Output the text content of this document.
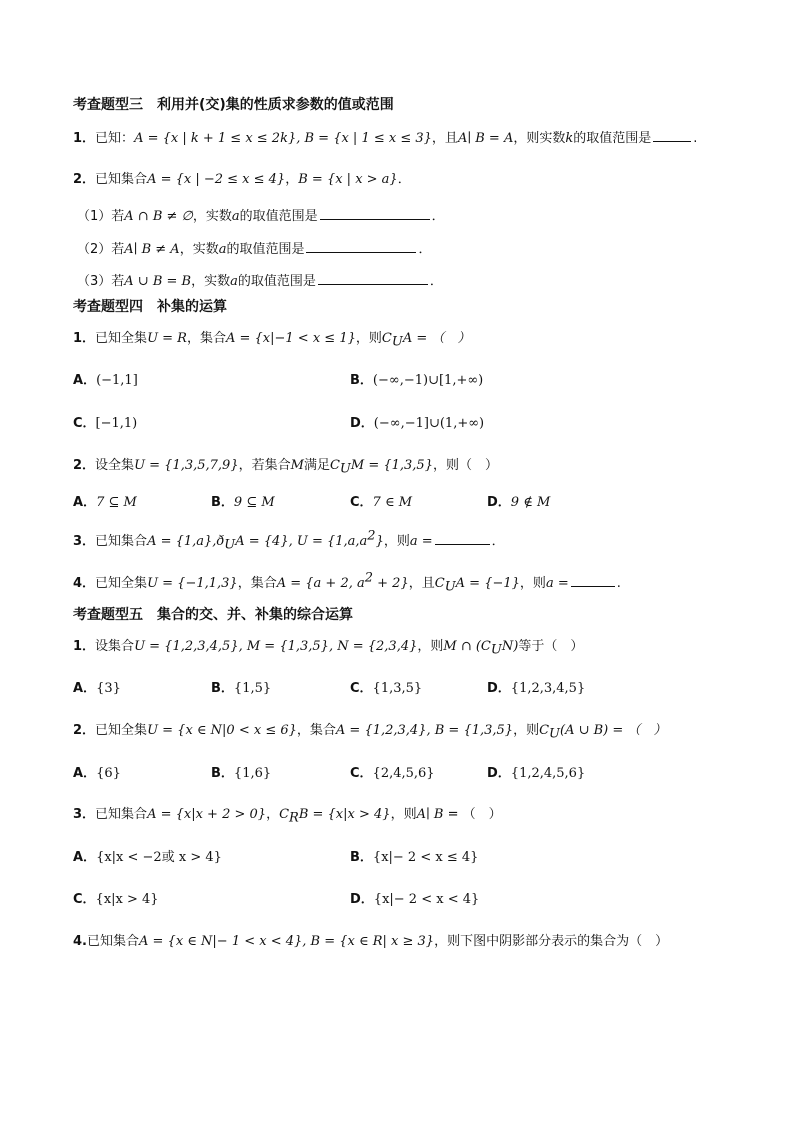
考查题型三　利用并(交)集的性质求参数的值或范围
1．已知：A = {x | k + 1 ≤ x ≤ 2k}, B = {x | 1 ≤ x ≤ 3}，且A∣ B = A，则实数k的取值范围是	.
2．已知集合A = {x | −2 ≤ x ≤ 4}，B = {x | x > a}．
（1）若A ∩ B ≠ ∅，实数a的取值范围是	．
（2）若A∣ B ≠ A，实数a的取值范围是	．
（3）若A ∪ B = B，实数a的取值范围是	．
考查题型四　补集的运算
1．已知全集U = R，集合A = {x|−1 < x ≤ 1}，则$C_UA$ = （　）
A．(−1,1]	B．(−∞,−1)∪[1,+∞)
C．[−1,1)	D．(−∞,−1]∪(1,+∞)
2．设全集U = {1,3,5,7,9}，若集合M满足$C_UM = \{1,3,5\}$，则（　）
A．7 ⊆ M	B．9 ⊆ M	C．7 ∈ M	D．9 ∉ M
3．已知集合$A = \{1,a\},ð_UA = \{4\}$, $U = \{1,a,a^2\}$，则a =	．
4．已知全集U = {−1,1,3}，集合A = {a + 2, $a^2 + 2$}，且$C_UA = \{-1\}$，则a =	.
考查题型五　集合的交、并、补集的综合运算
1．设集合U = {1,2,3,4,5}, M = {1,3,5}, N = {2,3,4}，则M ∩ $(C_UN)$等于（　）
A．{3}	B．{1,5}	C．{1,3,5}	D．{1,2,3,4,5}
2．已知全集U = {x ∈ N|0 < x ≤ 6}，集合A = {1,2,3,4}, B = {1,3,5}，则$C_U(A$ ∪ B) = （　）
A．{6}	B．{1,6}	C．{2,4,5,6}	D．{1,2,4,5,6}
3．已知集合A = {x|x + 2 > 0}，$C_RB = \{x|x > 4\}$，则A∣ B = （　）
A．{x|x < −2或 x > 4}	B．{x|− 2 < x ≤ 4}
C．{x|x > 4}	D．{x|− 2 < x < 4}
4.已知集合A = {x ∈ N|− 1 < x < 4}, B = {x ∈ R| x ≥ 3}，则下图中阴影部分表示的集合为（　）
